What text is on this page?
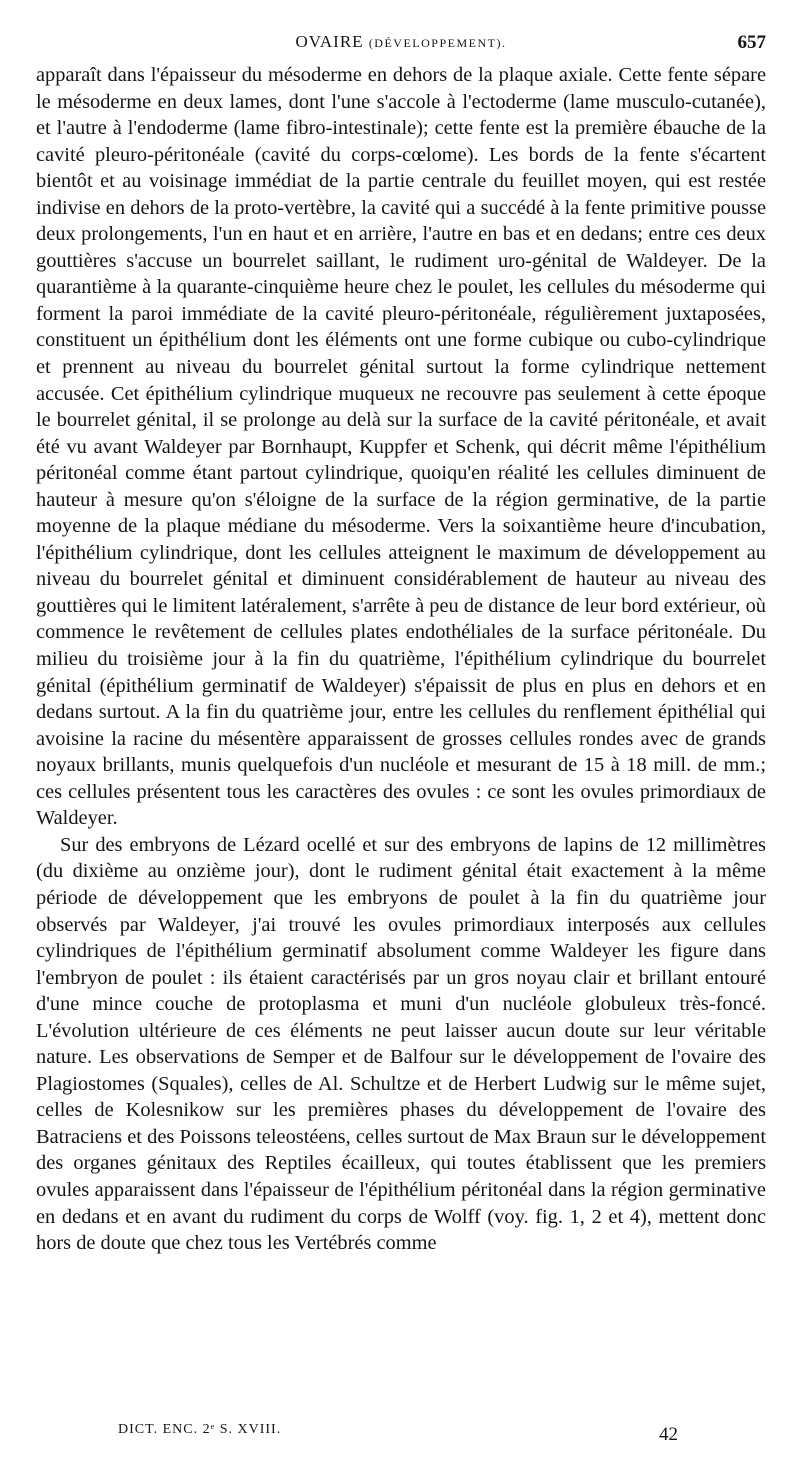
OVAIRE (DÉVELOPPEMENT).	657

apparaît dans l'épaisseur du mésoderme en dehors de la plaque axiale. Cette fente sépare le mésoderme en deux lames, dont l'une s'accole à l'ectoderme (lame musculo-cutanée), et l'autre à l'endoderme (lame fibro-intestinale); cette fente est la première ébauche de la cavité pleuro-péritonéale (cavité du corps-cœlome). Les bords de la fente s'écartent bientôt et au voisinage immédiat de la partie centrale du feuillet moyen, qui est restée indivise en dehors de la proto-vertèbre, la cavité qui a succédé à la fente primitive pousse deux prolongements, l'un en haut et en arrière, l'autre en bas et en dedans; entre ces deux gouttières s'accuse un bourrelet saillant, le rudiment uro-génital de Waldeyer. De la quarantième à la quarante-cinquième heure chez le poulet, les cellules du mésoderme qui forment la paroi immédiate de la cavité pleuro-péritonéale, régulièrement juxtaposées, constituent un épithélium dont les éléments ont une forme cubique ou cubo-cylindrique et prennent au niveau du bourrelet génital surtout la forme cylindrique nettement accusée. Cet épithélium cylindrique muqueux ne recouvre pas seulement à cette époque le bourrelet génital, il se prolonge au delà sur la surface de la cavité péritonéale, et avait été vu avant Waldeyer par Bornhaupt, Kuppfer et Schenk, qui décrit même l'épithélium péritonéal comme étant partout cylindrique, quoiqu'en réalité les cellules diminuent de hauteur à mesure qu'on s'éloigne de la surface de la région germinative, de la partie moyenne de la plaque médiane du mésoderme. Vers la soixantième heure d'incubation, l'épithélium cylindrique, dont les cellules atteignent le maximum de développement au niveau du bourrelet génital et diminuent considérablement de hauteur au niveau des gouttières qui le limitent latéralement, s'arrête à peu de distance de leur bord extérieur, où commence le revêtement de cellules plates endothéliales de la surface péritonéale. Du milieu du troisième jour à la fin du quatrième, l'épithélium cylindrique du bourrelet génital (épithélium germinatif de Waldeyer) s'épaissit de plus en plus en dehors et en dedans surtout. A la fin du quatrième jour, entre les cellules du renflement épithélial qui avoisine la racine du mésentère apparaissent de grosses cellules rondes avec de grands noyaux brillants, munis quelquefois d'un nucléole et mesurant de 15 à 18 mill. de mm.; ces cellules présentent tous les caractères des ovules : ce sont les ovules primordiaux de Waldeyer.

Sur des embryons de Lézard ocellé et sur des embryons de lapins de 12 millimètres (du dixième au onzième jour), dont le rudiment génital était exactement à la même période de développement que les embryons de poulet à la fin du quatrième jour observés par Waldeyer, j'ai trouvé les ovules primordiaux interposés aux cellules cylindriques de l'épithélium germinatif absolument comme Waldeyer les figure dans l'embryon de poulet : ils étaient caractérisés par un gros noyau clair et brillant entouré d'une mince couche de protoplasma et muni d'un nucléole globuleux très-foncé. L'évolution ultérieure de ces éléments ne peut laisser aucun doute sur leur véritable nature. Les observations de Semper et de Balfour sur le développement de l'ovaire des Plagiostomes (Squales), celles de Al. Schultze et de Herbert Ludwig sur le même sujet, celles de Kolesnikow sur les premières phases du développement de l'ovaire des Batraciens et des Poissons teleostéens, celles surtout de Max Braun sur le développement des organes génitaux des Reptiles écailleux, qui toutes établissent que les premiers ovules apparaissent dans l'épaisseur de l'épithélium péritonéal dans la région germinative en dedans et en avant du rudiment du corps de Wolff (voy. fig. 1, 2 et 4), mettent donc hors de doute que chez tous les Vertébrés comme

DICT. ENC. 2ᵉ S. XVIII.	42
